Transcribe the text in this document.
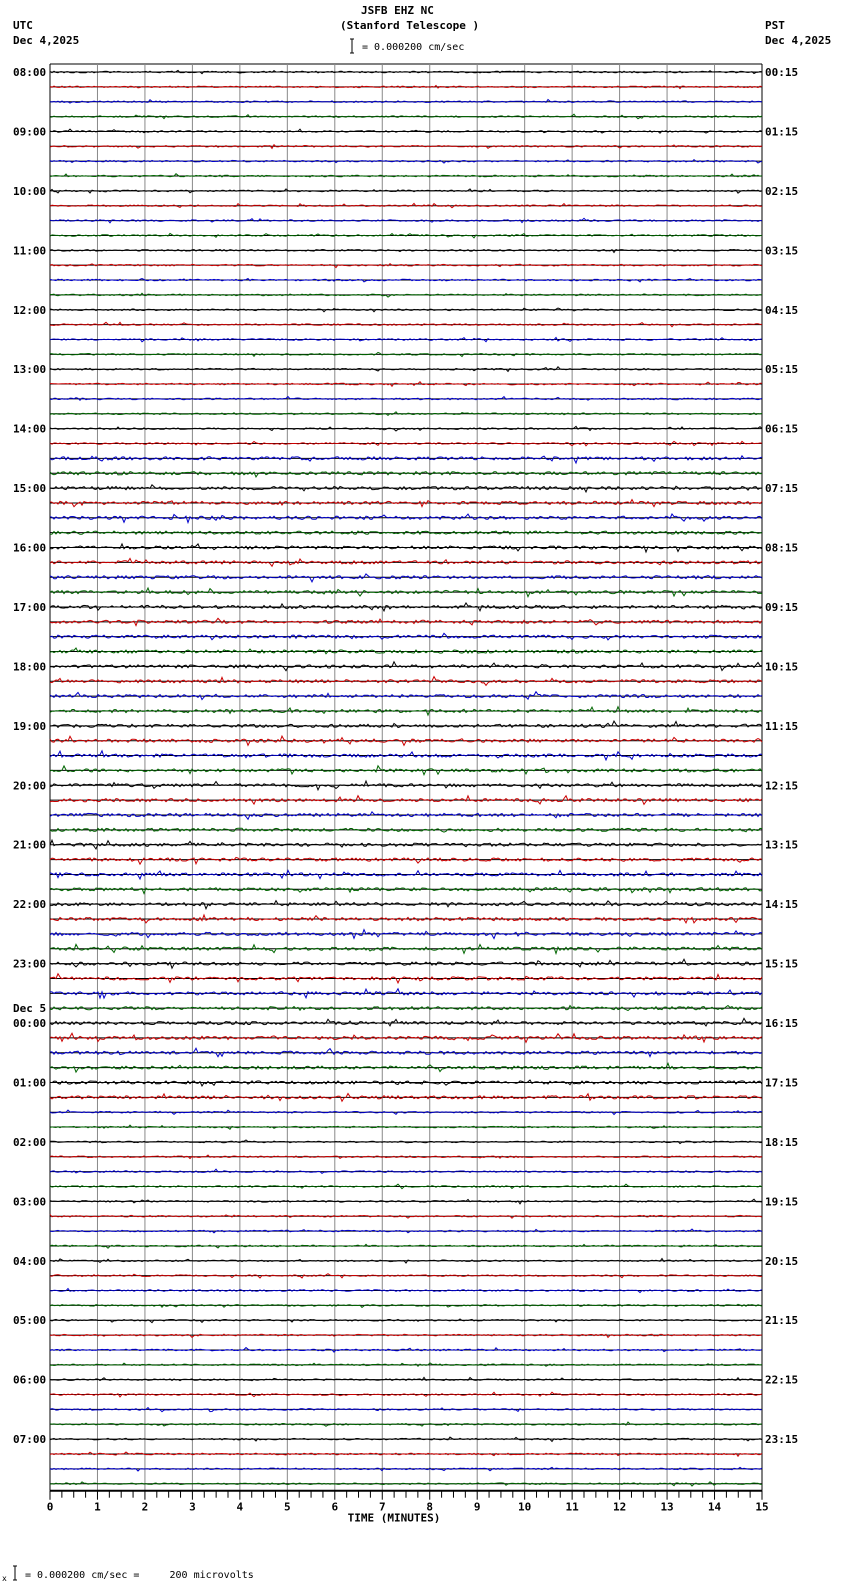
JSFB EHZ NC
(Stanford Telescope )
UTC
Dec 4,2025
PST
Dec 4,2025
= 0.000200 cm/sec
x = 0.000200 cm/sec =     200 microvolts
08:00	00:15
09:00	01:15
10:00	02:15
11:00	03:15
12:00	04:15
13:00	05:15
14:00	06:15
15:00	07:15
16:00	08:15
17:00	09:15
18:00	10:15
19:00	11:15
20:00	12:15
21:00	13:15
22:00	14:15
23:00	15:15
00:00	16:15
Dec 5
01:00	17:15
02:00	18:15
03:00	19:15
04:00	20:15
05:00	21:15
06:00	22:15
07:00	23:15
0	1	2	3	4	5	6	7	8	9	10	11	12	13	14	15
TIME (MINUTES)
